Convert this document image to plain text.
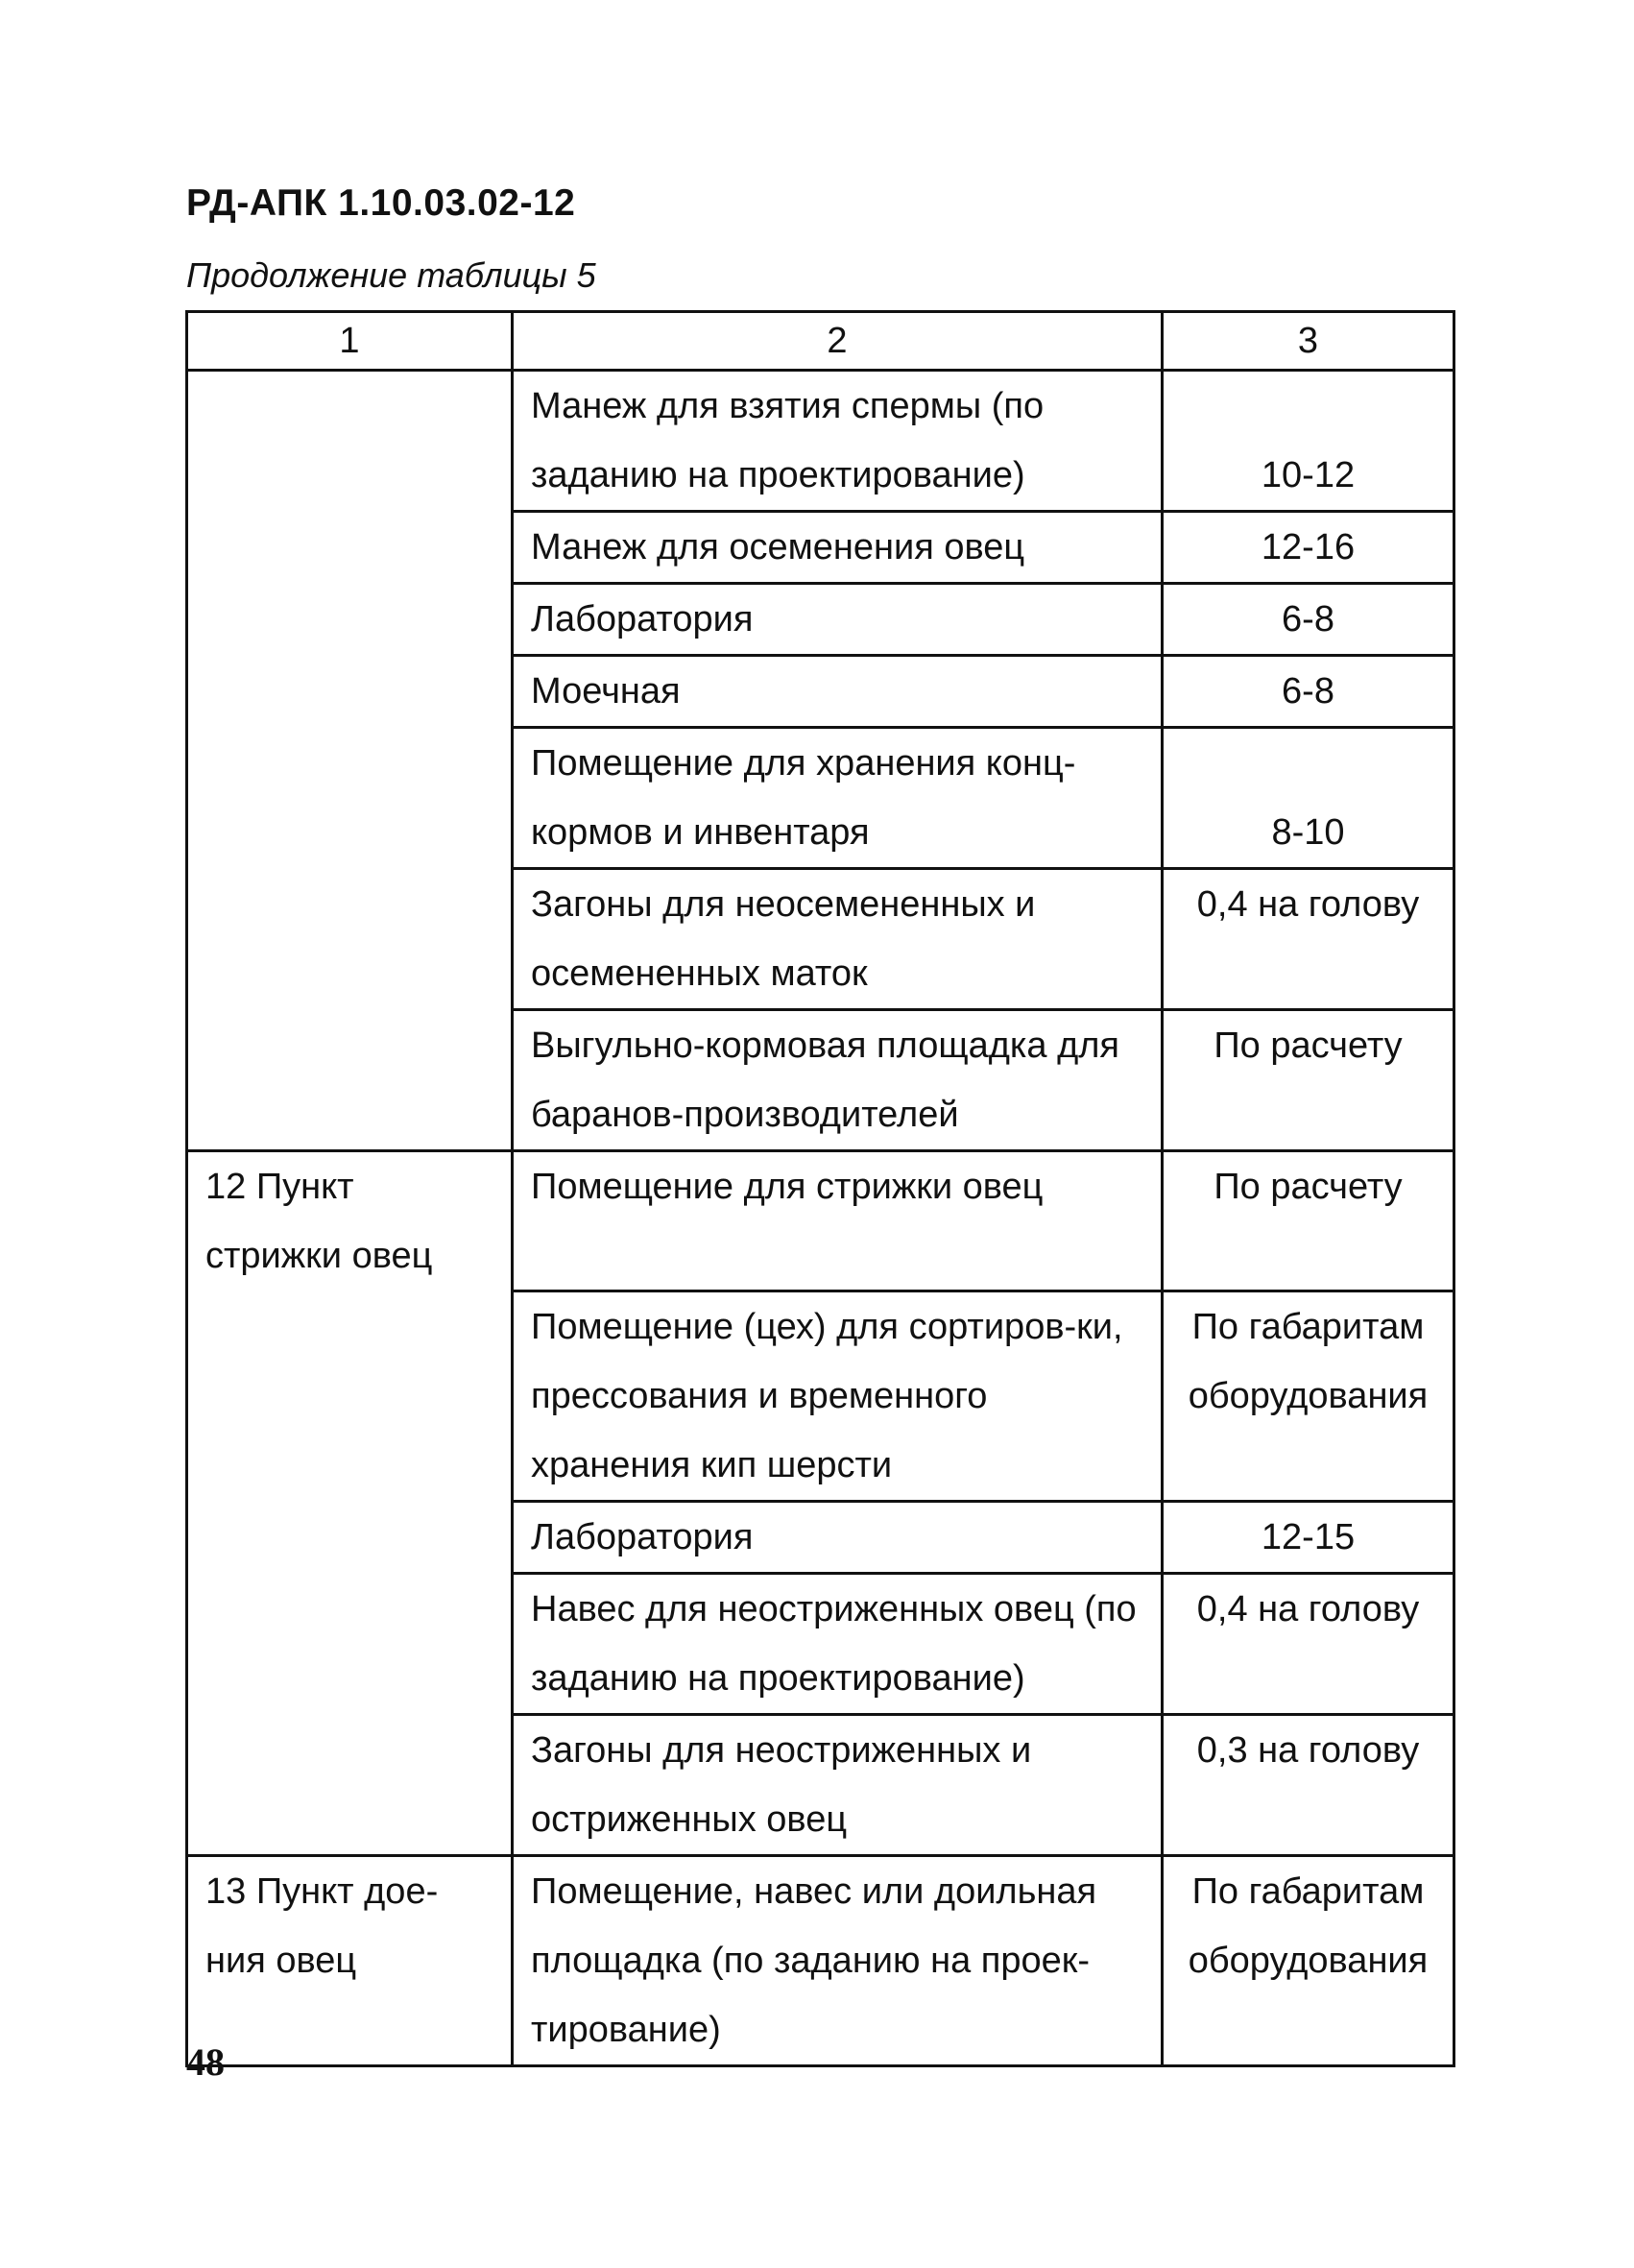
РД-АПК 1.10.03.02-12
Продолжение таблицы 5
1	2	3
	Манеж для взятия спермы (по заданию на проектирование)	10-12
	Манеж для осеменения овец	12-16
	Лаборатория	6-8
	Моечная	6-8
	Помещение для хранения конц-кормов и инвентаря	8-10
	Загоны для неосемененных и осемененных маток	0,4 на голову
	Выгульно-кормовая площадка для баранов-производителей	По расчету
12 Пункт стрижки овец	Помещение для стрижки овец	По расчету
	Помещение (цех) для сортиров-ки, прессования и временного хранения кип шерсти	По габаритам оборудования
	Лаборатория	12-15
	Навес для неостриженных овец (по заданию на проектирование)	0,4 на голову
	Загоны для неостриженных и остриженных овец	0,3 на голову
13 Пункт дое-ния овец	Помещение, навес или доильная площадка (по заданию на проек-тирование)	По габаритам оборудования
48
